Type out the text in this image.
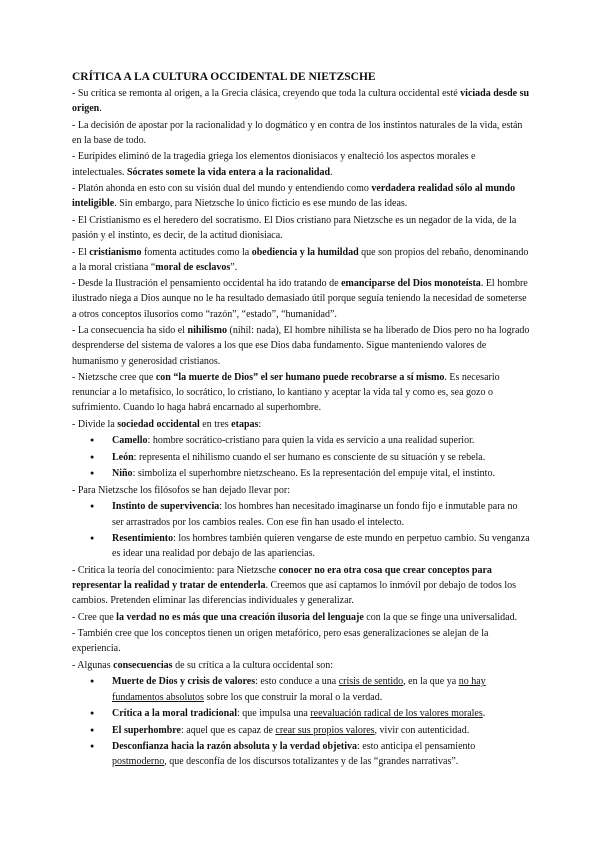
CRÍTICA A LA CULTURA OCCIDENTAL DE NIETZSCHE

- Su crítica se remonta al origen, a la Grecia clásica, creyendo que toda la cultura occidental esté viciada desde su origen.

- La decisión de apostar por la racionalidad y lo dogmático y en contra de los instintos naturales de la vida, están en la base de todo.

- Eurípides eliminó de la tragedia griega los elementos dionisiacos y enalteció los aspectos morales e intelectuales. Sócrates somete la vida entera a la racionalidad.

- Platón ahonda en esto con su visión dual del mundo y entendiendo como verdadera realidad sólo al mundo inteligible. Sin embargo, para Nietzsche lo único ficticio es ese mundo de las ideas.

- El Cristianismo es el heredero del socratismo. El Dios cristiano para Nietzsche es un negador de la vida, de la pasión y el instinto, es decir, de la actitud dionisiaca.

- El cristianismo fomenta actitudes como la obediencia y la humildad que son propios del rebaño, denominando a la moral cristiana “moral de esclavos”.

- Desde la Ilustración el pensamiento occidental ha ido tratando de emanciparse del Dios monoteísta. El hombre ilustrado niega a Dios aunque no le ha resultado demasiado útil porque seguía teniendo la necesidad de someterse a otros conceptos ilusorios como “razón”, “estado”, “humanidad”.

- La consecuencia ha sido el nihilismo (nihil: nada), El hombre nihilista se ha liberado de Dios pero no ha logrado desprenderse del sistema de valores a los que ese Dios daba fundamento. Sigue manteniendo valores de humanismo y generosidad cristianos.

- Nietzsche cree que con “la muerte de Dios” el ser humano puede recobrarse a sí mismo. Es necesario renunciar a lo metafísico, lo socrático, lo cristiano, lo kantiano y aceptar la vida tal y como es, sea gozo o sufrimiento. Cuando lo haga habrá encarnado al superhombre.

- Divide la sociedad occidental en tres etapas:

● Camello: hombre socrático-cristiano para quien la vida es servicio a una realidad superior.
● León: representa el nihilismo cuando el ser humano es consciente de su situación y se rebela.
● Niño: simboliza el superhombre nietzscheano. Es la representación del empuje vital, el instinto.

- Para Nietzsche los filósofos se han dejado llevar por:

● Instinto de supervivencia: los hombres han necesitado imaginarse un fondo fijo e inmutable para no ser arrastrados por los cambios reales. Con ese fin han usado el intelecto.
● Resentimiento: los hombres también quieren vengarse de este mundo en perpetuo cambio. Su venganza es idear una realidad por debajo de las apariencias.

- Critica la teoría del conocimiento: para Nietzsche conocer no era otra cosa que crear conceptos para representar la realidad y tratar de entenderla. Creemos que así captamos lo inmóvil por debajo de todos los cambios. Pretenden eliminar las diferencias individuales y generalizar.

- Cree que la verdad no es más que una creación ilusoria del lenguaje con la que se finge una universalidad.

- También cree que los conceptos tienen un origen metafórico, pero esas generalizaciones se alejan de la experiencia.

- Algunas consecuencias de su crítica a la cultura occidental son:

● Muerte de Dios y crisis de valores: esto conduce a una crisis de sentido, en la que ya no hay fundamentos absolutos sobre los que construir la moral o la verdad.
● Crítica a la moral tradicional: que impulsa una reevaluación radical de los valores morales.
● El superhombre: aquel que es capaz de crear sus propios valores, vivir con autenticidad.
● Desconfianza hacia la razón absoluta y la verdad objetiva: esto anticipa el pensamiento postmoderno, que desconfía de los discursos totalizantes y de las “grandes narrativas”.
